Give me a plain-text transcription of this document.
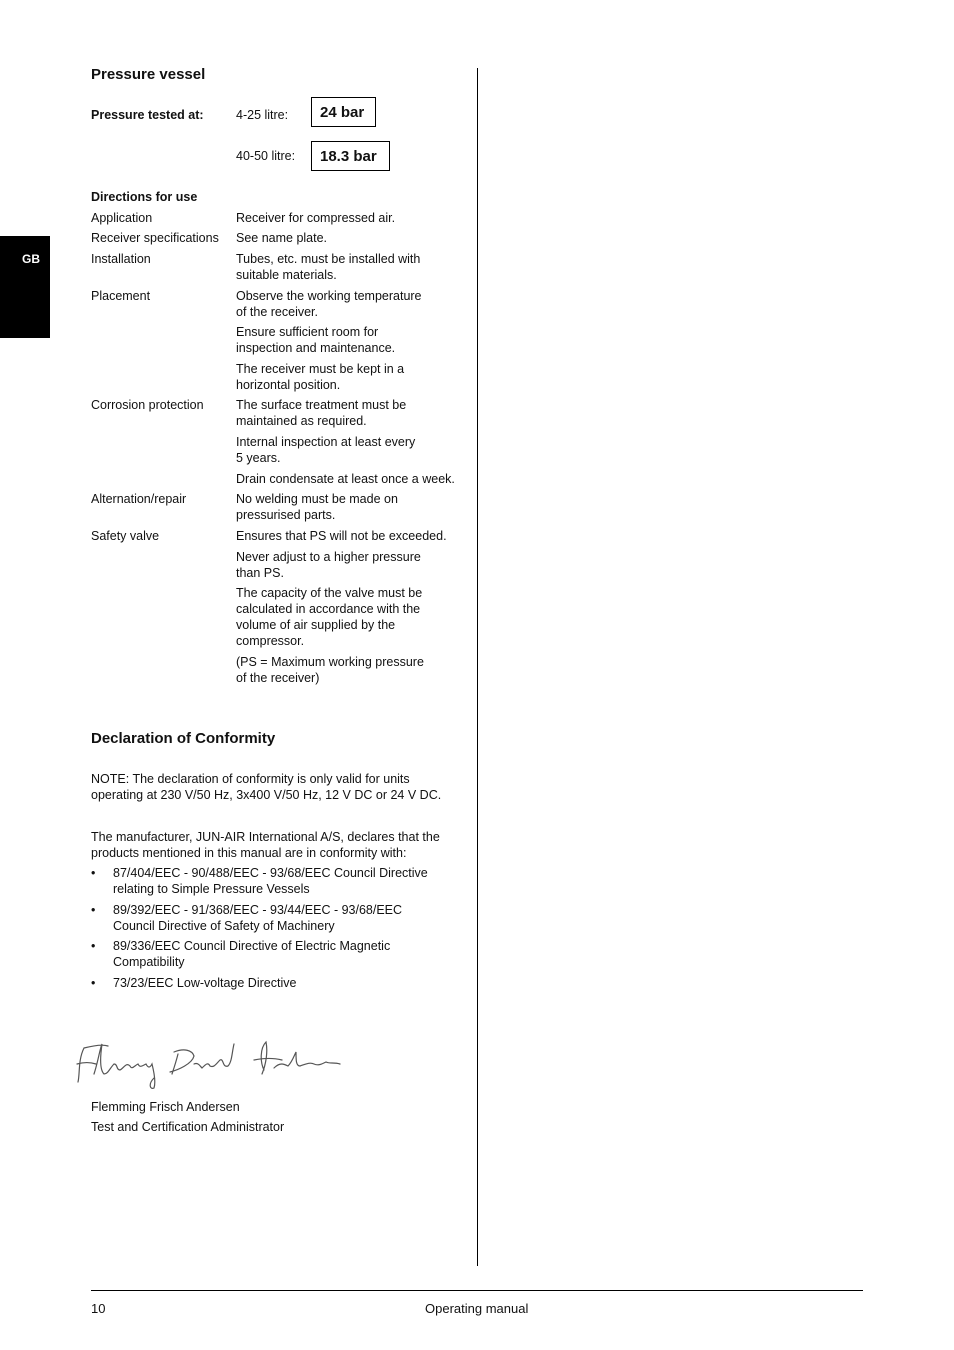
GB
Pressure vessel
Pressure tested at:	4-25 litre:	24 bar
40-50 litre:	18.3 bar
Directions for use
Application	Receiver for compressed air.
Receiver specifications	See name plate.
Installation	Tubes, etc. must be installed with
suitable materials.
Placement	Observe the working temperature
of the receiver.
Ensure sufficient room for
inspection and maintenance.
The receiver must be kept in a
horizontal position.
Corrosion protection	The surface treatment must be
maintained as required.
Internal inspection at least every
5 years.
Drain condensate at least once a week.
Alternation/repair	No welding must be made on
pressurised parts.
Safety valve	Ensures that PS will not be exceeded.
Never adjust to a higher pressure
than PS.
The capacity of the valve must be
calculated in accordance with the
volume of air supplied by the
compressor.
(PS = Maximum working pressure
of the receiver)
Declaration of Conformity
NOTE: The declaration of conformity is only valid for units
operating at 230 V/50 Hz, 3x400 V/50 Hz, 12 V DC or 24 V DC.
The manufacturer, JUN-AIR International A/S, declares that the
products mentioned in this manual are in conformity with:
• 87/404/EEC - 90/488/EEC - 93/68/EEC Council Directive
relating to Simple Pressure Vessels
• 89/392/EEC - 91/368/EEC - 93/44/EEC - 93/68/EEC
Council Directive of Safety of Machinery
• 89/336/EEC Council Directive of Electric Magnetic
Compatibility
• 73/23/EEC Low-voltage Directive
Flemming Frisch Andersen
Test and Certification Administrator
10	Operating manual
